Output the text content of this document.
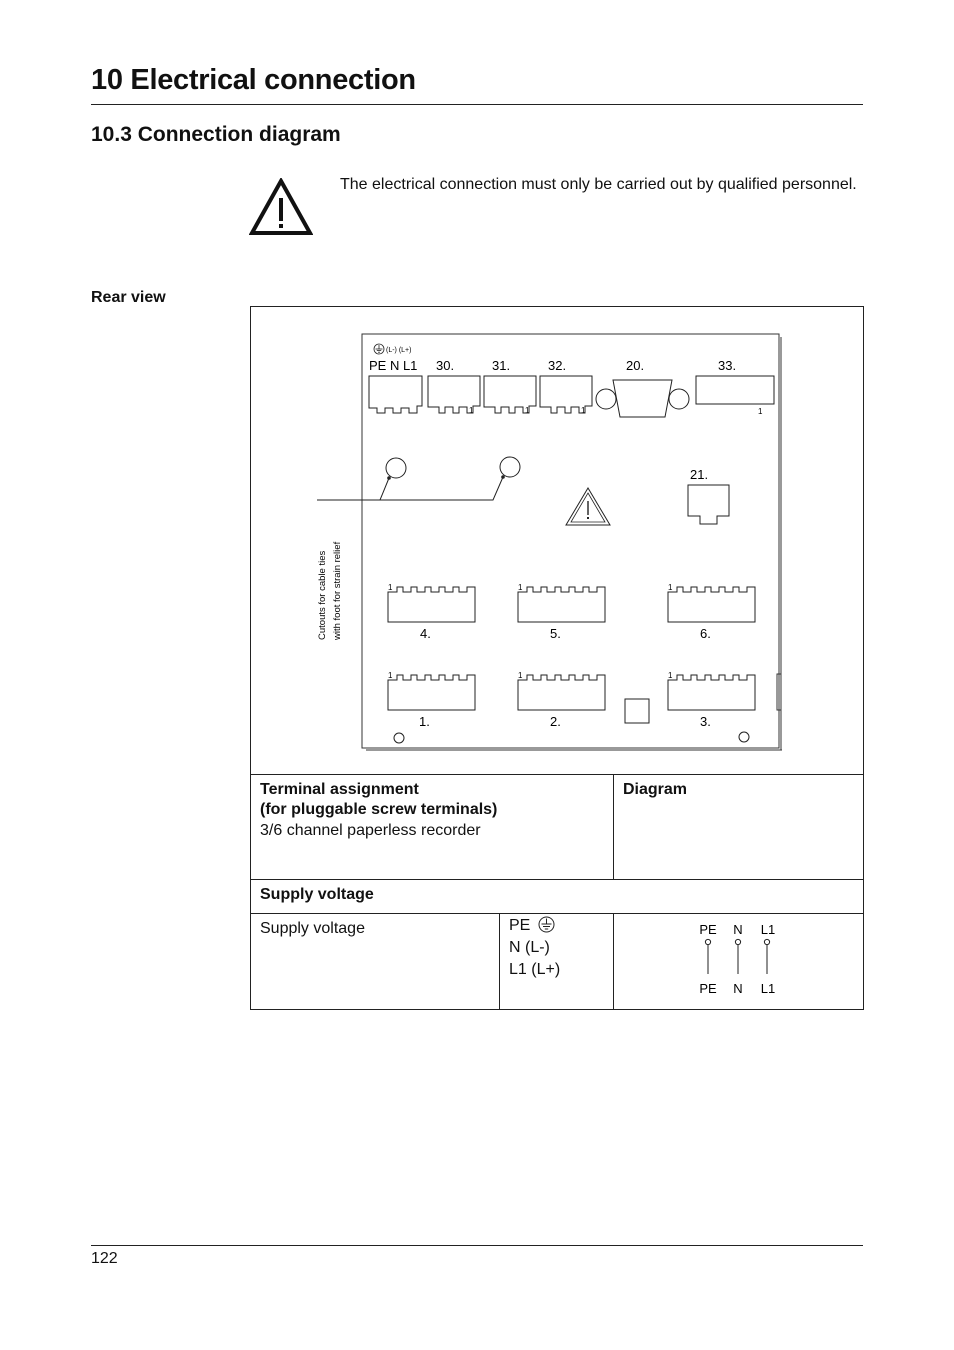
10 Electrical connection
10.3 Connection diagram

The electrical connection must only be carried out by qualified personnel.

Rear view

(L-) (L+)
PE N L1 30.	31.	32.	20.	33.
1	1	1	1
Cutouts for cable ties with foot for strain relief
21.
1	1	1
4.	5.	6.
1	1	1
1.	2.	3.
Terminal assignment
(for pluggable screw terminals)
3/6 channel paperless recorder
Diagram
Supply voltage
Supply voltage	PE
N (L-)
L1 (L+)
PE N L1
PE N L1

122
